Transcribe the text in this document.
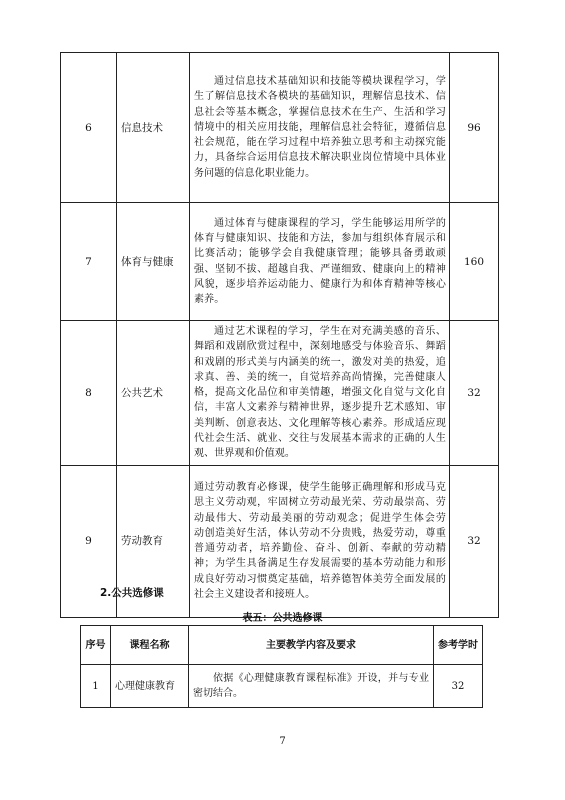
6	信息技术	通过信息技术基础知识和技能等模块课程学习，学生了解信息技术各模块的基础知识，理解信息技术、信息社会等基本概念，掌握信息技术在生产、生活和学习情境中的相关应用技能，理解信息社会特征，遵循信息社会规范，能在学习过程中培养独立思考和主动探究能力，具备综合运用信息技术解决职业岗位情境中具体业务问题的信息化职业能力。	96
7	体育与健康	通过体育与健康课程的学习，学生能够运用所学的体育与健康知识、技能和方法，参加与组织体育展示和比赛活动；能够学会自我健康管理；能够具备勇敢顽强、坚韧不拔、超越自我、严谨细致、健康向上的精神风貌，逐步培养运动能力、健康行为和体育精神等核心素养。	160
8	公共艺术	通过艺术课程的学习，学生在对充满美感的音乐、舞蹈和戏剧欣赏过程中，深刻地感受与体验音乐、舞蹈和戏剧的形式美与内涵美的统一，激发对美的热爱，追求真、善、美的统一，自觉培养高尚情操，完善健康人格，提高文化品位和审美情趣，增强文化自觉与文化自信，丰富人文素养与精神世界，逐步提升艺术感知、审美判断、创意表达、文化理解等核心素养。形成适应现代社会生活、就业、交往与发展基本需求的正确的人生观、世界观和价值观。	32
9	劳动教育	通过劳动教育必修课，使学生能够正确理解和形成马克思主义劳动观，牢固树立劳动最光荣、劳动最崇高、劳动最伟大、劳动最美丽的劳动观念；促进学生体会劳　动创造美好生活，体认劳动不分贵贱，热爱劳动，尊重普通劳动者，培养勤俭、奋斗、创新、奉献的劳动精神；为学生具备满足生存发展需要的基本劳动能力和形成良好劳动习惯奠定基础，培养德智体美劳全面发展的社会主义建设者和接班人。	32
2.公共选修课
表五：公共选修课
序号	课程名称	主要教学内容及要求	参考学时
1	心理健康教育	依据《心理健康教育课程标准》开设，并与专业密切结合。	32
7
